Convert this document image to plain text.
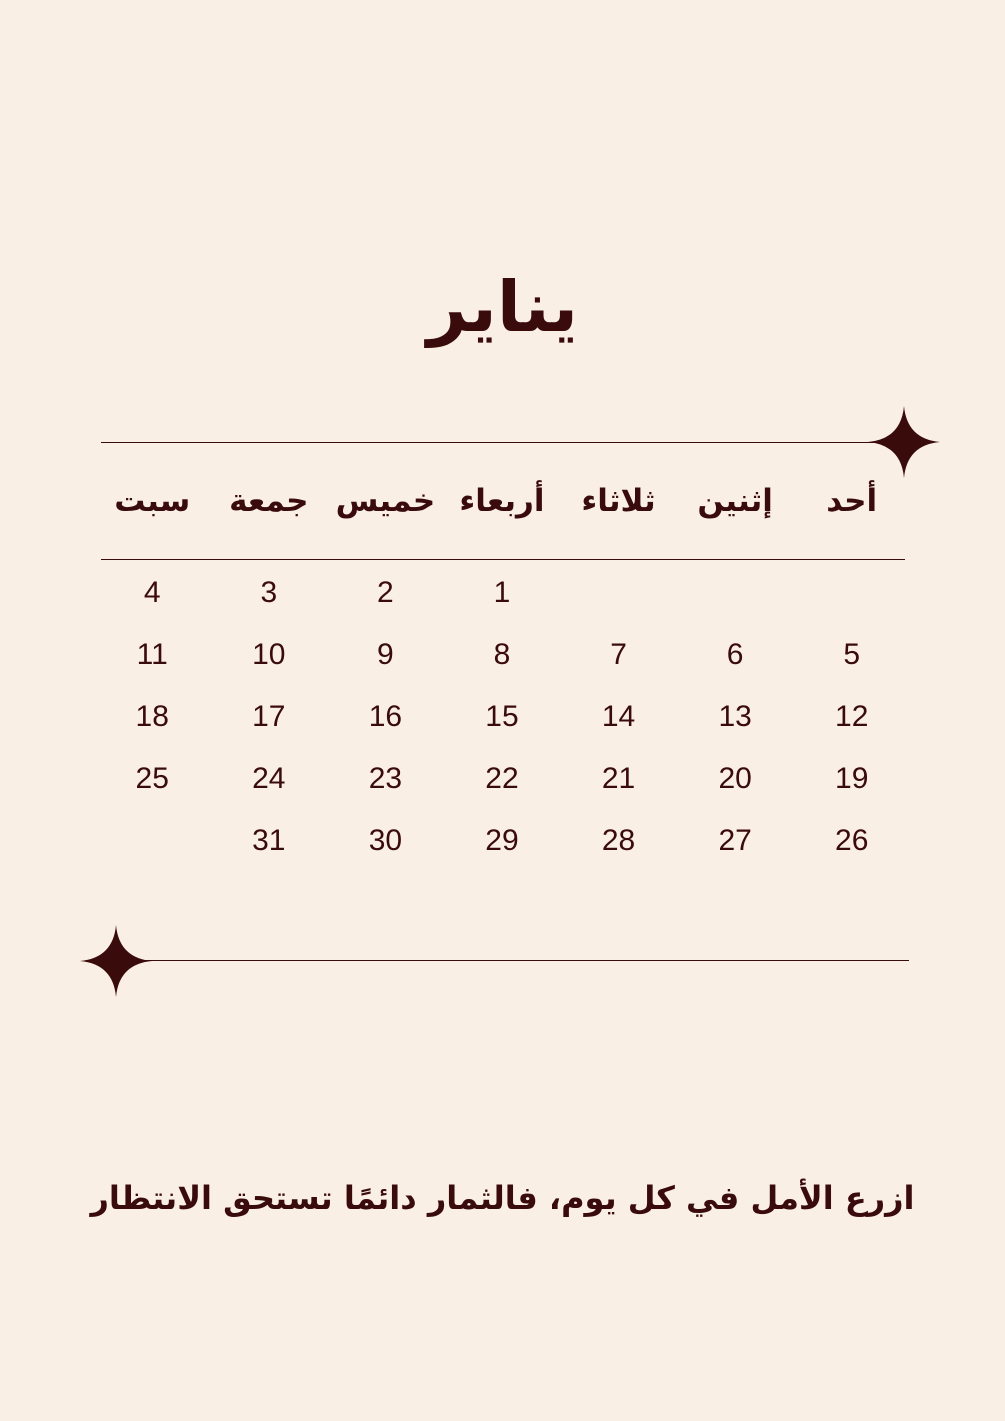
يناير
أحد
إثنين
ثلاثاء
أربعاء
خميس
جمعة
سبت
1
2
3
4
5
6
7
8
9
10
11
12
13
14
15
16
17
18
19
20
21
22
23
24
25
26
27
28
29
30
31
ازرع الأمل في كل يوم، فالثمار دائمًا تستحق الانتظار
